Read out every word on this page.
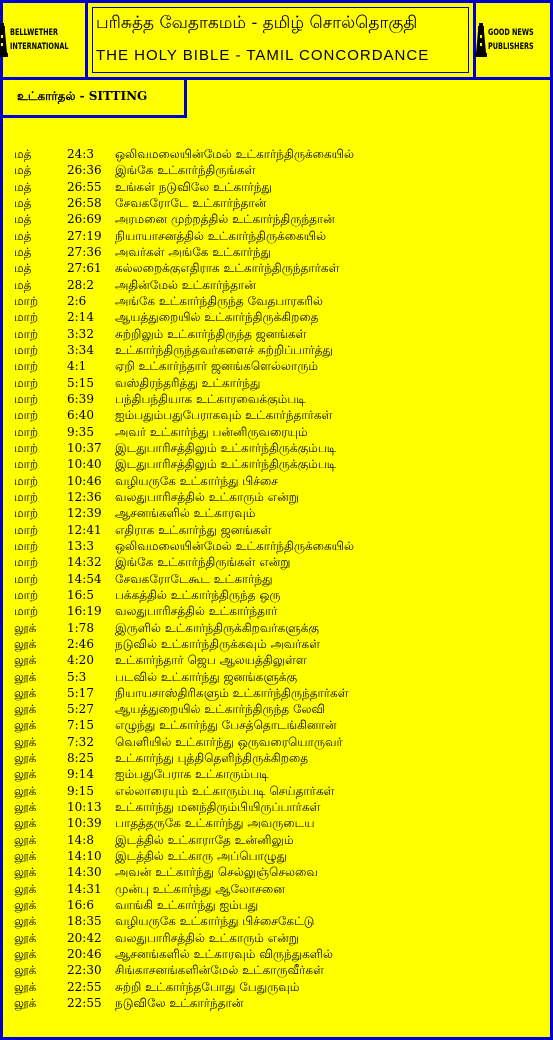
BELLWETHER
INTERNATIONAL
பரிசுத்த வேதாகமம் - தமிழ் சொல்தொகுதி
THE HOLY BIBLE - TAMIL CONCORDANCE
GOOD NEWS
PUBLISHERS
உட்கார்தல் - SITTING
மத்	24:3 ஒலிவமலையின்மேல் உட்கார்ந்திருக்கையில்
மத்	26:36 இங்கே உட்கார்ந்திருங்கள்
மத்	26:55 உங்கள் நடுவிலே உட்கார்ந்து
மத்	26:58 சேவகரோடே உட்கார்ந்தான்
மத்	26:69 அரமனை முற்றத்தில் உட்கார்ந்திருந்தான்
மத்	27:19 நியாயாசனத்தில் உட்கார்ந்திருக்கையில்
மத்	27:36 அவர்கள் அங்கே உட்கார்ந்து
மத்	27:61 கல்லறைக்குஎதிராக உட்கார்ந்திருந்தார்கள்
மத்	28:2 அதின்மேல் உட்கார்ந்தான்
மாற் 2:6 அங்கே உட்கார்ந்திருந்த வேதபாரகரில்
மாற் 2:14 ஆயத்துறையில் உட்கார்ந்திருக்கிறதை
மாற் 3:32 சுற்றிலும் உட்கார்ந்திருந்த ஜனங்கள்
மாற் 3:34 உட்கார்ந்திருந்தவர்களைச் சுற்றிப்பார்த்து
மாற் 4:1 ஏறி உட்கார்ந்தார் ஜனங்களெல்லாரும்
மாற் 5:15 வஸ்திரந்தரித்து உட்கார்ந்து
மாற் 6:39 பந்திபந்தியாக உட்காரவைக்கும்படி
மாற் 6:40 ஐம்பதும்பதுபேராகவும் உட்கார்ந்தார்கள்
மாற் 9:35 அவர் உட்கார்ந்து பன்னிருவரையும்
மாற் 10:37 இடதுபாரிசத்திலும் உட்கார்ந்திருக்கும்படி
மாற் 10:40 இடதுபாரிசத்திலும் உட்கார்ந்திருக்கும்படி
மாற் 10:46 வழியருகே உட்கார்ந்து பிச்சை
மாற் 12:36 வலதுபாரிசத்தில் உட்காரும் என்று
மாற் 12:39 ஆசனங்களில் உட்காரவும்
மாற் 12:41 எதிராக உட்கார்ந்து ஜனங்கள்
மாற் 13:3 ஒலிவமலையின்மேல் உட்கார்ந்திருக்கையில்
மாற் 14:32 இங்கே உட்கார்ந்திருங்கள் என்று
மாற் 14:54 சேவகரோடேகூட உட்கார்ந்து
மாற் 16:5 பக்கத்தில் உட்கார்ந்திருந்த ஒரு
மாற் 16:19 வலதுபாரிசத்தில் உட்கார்ந்தார்
லூக்	1:78 இருளில் உட்கார்ந்திருக்கிறவர்களுக்கு
லூக்	2:46 நடுவில் உட்கார்ந்திருக்கவும் அவர்கள்
லூக்	4:20 உட்கார்ந்தார் ஜெப ஆலயத்திலுள்ள
லூக்	5:3 படவில் உட்கார்ந்து ஜனங்களுக்கு
லூக்	5:17 நியாயசாஸ்திரிகளும் உட்கார்ந்திருந்தார்கள்
லூக்	5:27 ஆயத்துறையில் உட்கார்ந்திருந்த லேவி
லூக்	7:15 எழுந்து உட்கார்ந்து பேசத்தொடங்கினான்
லூக்	7:32 வெளியில் உட்கார்ந்து ஒருவரையொருவர்
லூக்	8:25 உட்கார்ந்து புத்திதெளிந்திருக்கிறதை
லூக்	9:14 ஐம்பதுபேராக உட்காரும்படி
லூக்	9:15 எல்லாரையும் உட்காரும்படி செய்தார்கள்
லூக்	10:13 உட்கார்ந்து மனந்திரும்பியிருப்பார்கள்
லூக்	10:39 பாதத்தருகே உட்கார்ந்து அவருடைய
லூக்	14:8 இடத்தில் உட்காராதே உன்னிலும்
லூக்	14:10 இடத்தில் உட்காரு அப்பொழுது
லூக்	14:30 அவன் உட்கார்ந்து செல்லுஞ்செலவை
லூக்	14:31 முன்பு உட்கார்ந்து ஆலோசனை
லூக்	16:6 வாங்கி உட்கார்ந்து ஐம்பது
லூக்	18:35 வழியருகே உட்கார்ந்து பிச்சைகேட்டு
லூக்	20:42 வலதுபாரிசத்தில் உட்காரும் என்று
லூக்	20:46 ஆசனங்களில் உட்காரவும் விருந்துகளில்
லூக்	22:30 சிங்காசனங்களின்மேல் உட்காருவீர்கள்
லூக்	22:55 சுற்றி உட்கார்ந்தபோது பேதுருவும்
லூக்	22:55 நடுவிலே உட்கார்ந்தான்
